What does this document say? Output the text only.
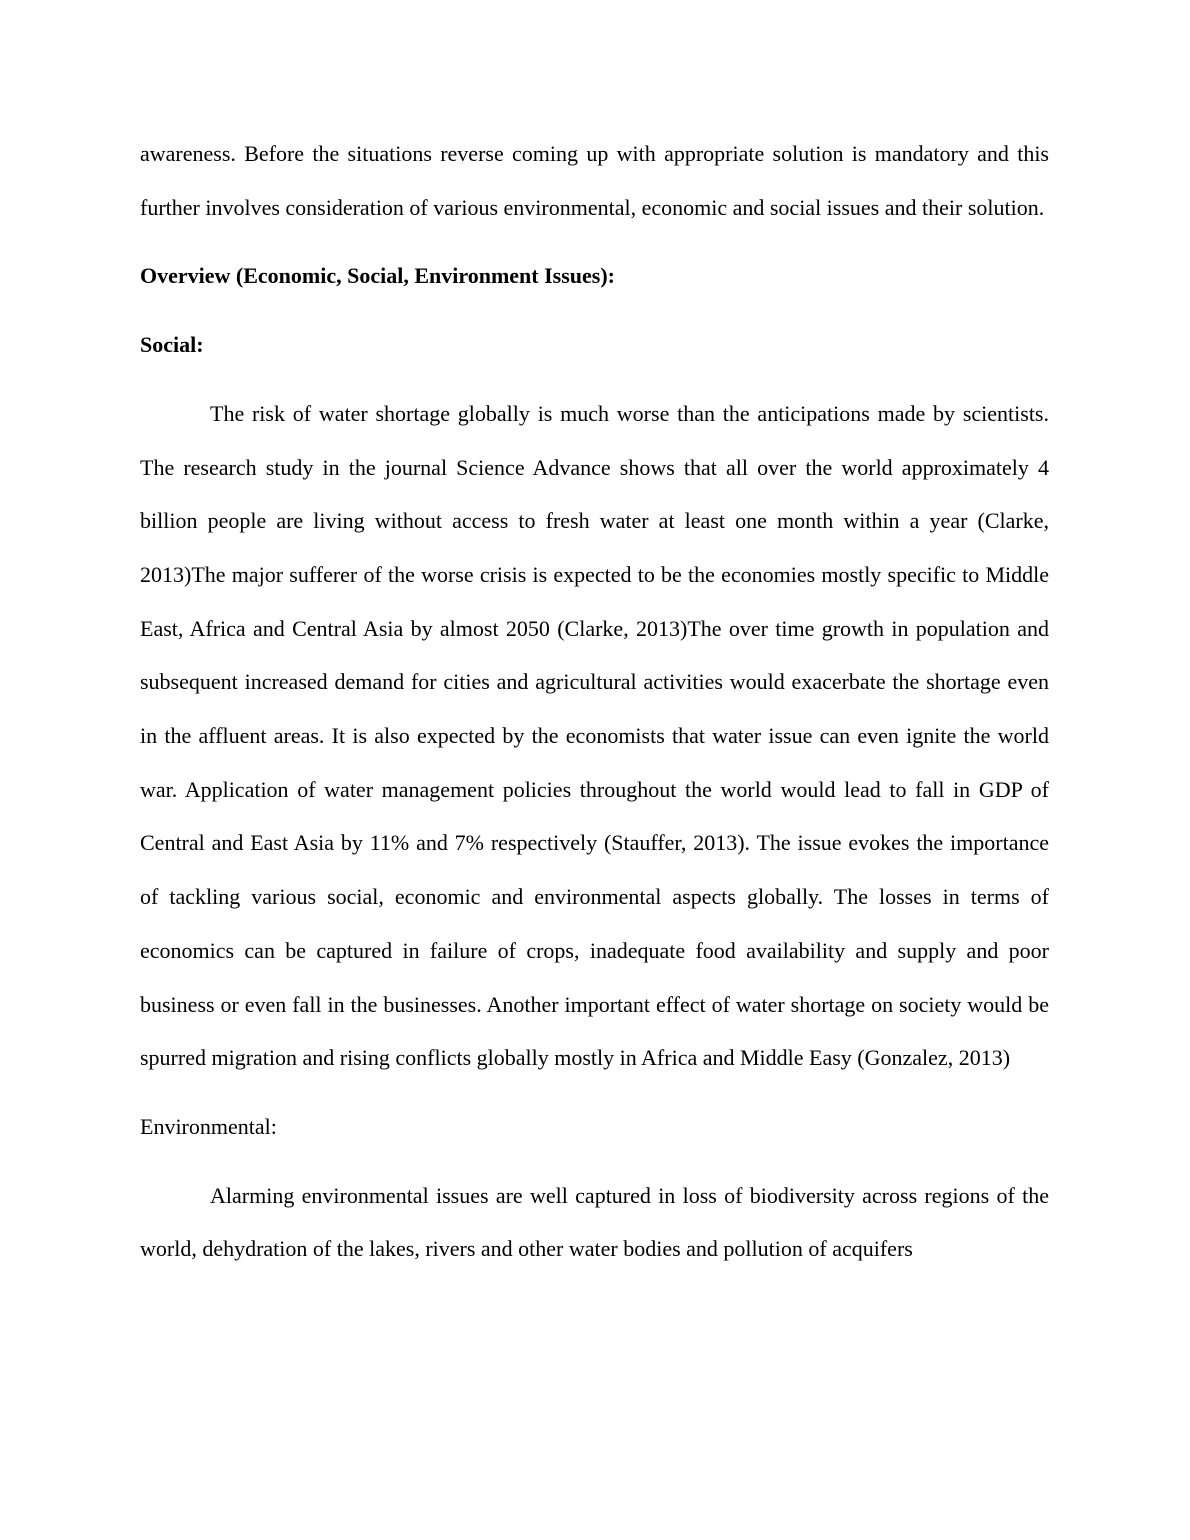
awareness. Before the situations reverse coming up with appropriate solution is mandatory and this further involves consideration of various environmental, economic and social issues and their solution.

Overview (Economic, Social, Environment Issues):

Social:

The risk of water shortage globally is much worse than the anticipations made by scientists. The research study in the journal Science Advance shows that all over the world approximately 4 billion people are living without access to fresh water at least one month within a year (Clarke, 2013)The major sufferer of the worse crisis is expected to be the economies mostly specific to Middle East, Africa and Central Asia by almost 2050 (Clarke, 2013)The over time growth in population and subsequent increased demand for cities and agricultural activities would exacerbate the shortage even in the affluent areas. It is also expected by the economists that water issue can even ignite the world war. Application of water management policies throughout the world would lead to fall in GDP of Central and East Asia by 11% and 7% respectively (Stauffer, 2013). The issue evokes the importance of tackling various social, economic and environmental aspects globally. The losses in terms of economics can be captured in failure of crops, inadequate food availability and supply and poor business or even fall in the businesses. Another important effect of water shortage on society would be spurred migration and rising conflicts globally mostly in Africa and Middle Easy (Gonzalez, 2013)

Environmental:

Alarming environmental issues are well captured in loss of biodiversity across regions of the world, dehydration of the lakes, rivers and other water bodies and pollution of acquifers
